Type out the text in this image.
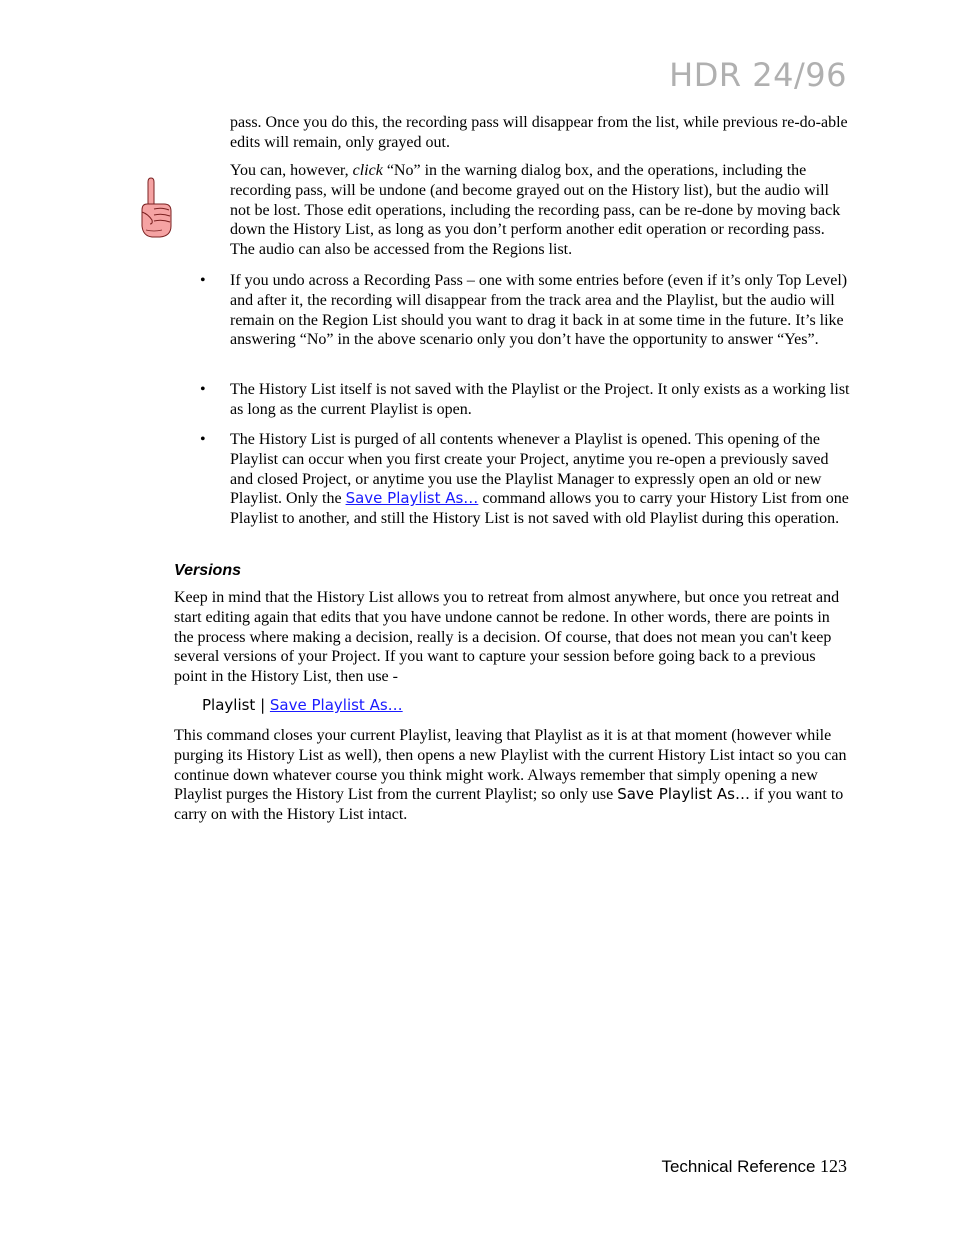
HDR 24/96

pass. Once you do this, the recording pass will disappear from the list, while previous re-do-able edits will remain, only grayed out.

You can, however, click “No” in the warning dialog box, and the operations, including the recording pass, will be undone (and become grayed out on the History list), but the audio will not be lost. Those edit operations, including the recording pass, can be re-done by moving back down the History List, as long as you don’t perform another edit operation or recording pass. The audio can also be accessed from the Regions list.

• If you undo across a Recording Pass – one with some entries before (even if it’s only Top Level) and after it, the recording will disappear from the track area and the Playlist, but the audio will remain on the Region List should you want to drag it back in at some time in the future. It’s like answering “No” in the above scenario only you don’t have the opportunity to answer “Yes”.

• The History List itself is not saved with the Playlist or the Project. It only exists as a working list as long as the current Playlist is open.

• The History List is purged of all contents whenever a Playlist is opened. This opening of the Playlist can occur when you first create your Project, anytime you re-open a previously saved and closed Project, or anytime you use the Playlist Manager to expressly open an old or new Playlist. Only the Save Playlist As… command allows you to carry your History List from one Playlist to another, and still the History List is not saved with old Playlist during this operation.

Versions

Keep in mind that the History List allows you to retreat from almost anywhere, but once you retreat and start editing again that edits that you have undone cannot be redone. In other words, there are points in the process where making a decision, really is a decision. Of course, that does not mean you can't keep several versions of your Project. If you want to capture your session before going back to a previous point in the History List, then use -

Playlist | Save Playlist As…

This command closes your current Playlist, leaving that Playlist as it is at that moment (however while purging its History List as well), then opens a new Playlist with the current History List intact so you can continue down whatever course you think might work. Always remember that simply opening a new Playlist purges the History List from the current Playlist; so only use Save Playlist As… if you want to carry on with the History List intact.

Technical Reference 123
